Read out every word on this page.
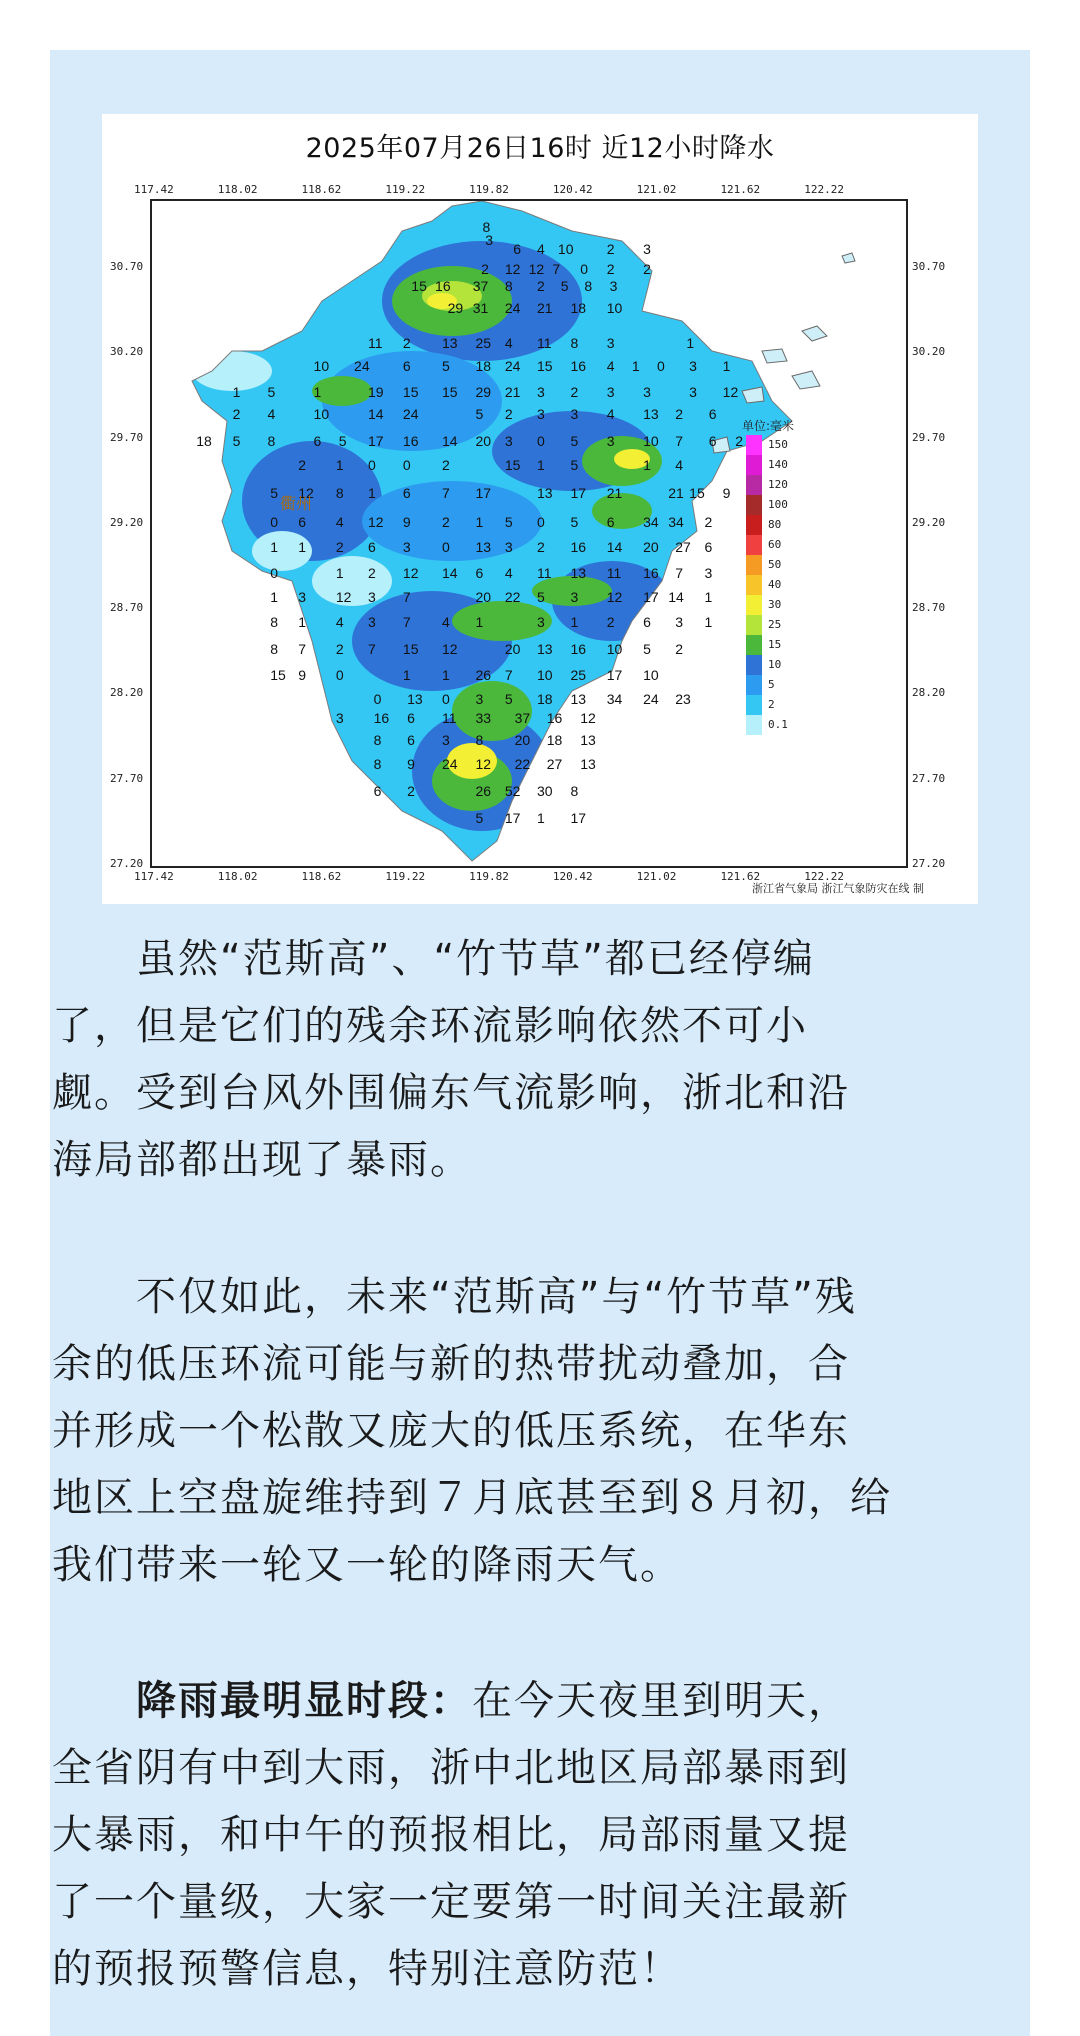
2025年07月26日16时 近12小时降水
117.42	118.02	118.62	119.22	119.82	120.42	121.02	121.62	122.22
117.42	118.02	118.62	119.22	119.82	120.42	121.02	121.62	122.22
30.70
30.20
29.70
29.20
28.70
28.20
27.70
27.20
30.70
30.20
29.70
29.20
28.70
28.20
27.70
27.20
8
3
6 4 10 2 3
2 12 12 7 0 2 2
15 16 37 8 2 5 8 3
29 31 24 21 18 10
11 2 13 25 4 11 8 3	1
10 24 6 5 18 24 15 16 4 1 0 3 1
1 5	1	19 15 15 29 21 3 2 3 3	3 12
2 4	10	14 24	5 2 3 3 4 13 2 6
18 5 8	6 5 17 16 14 20 3 0 5 3 10 7 6 2
2 1 0 0 2	15 1 5	1 4
5 12 8 1 6 7 17	13 17 21	21 15 9
0 6 4 12 9 2 1 5 0 5 6 34 34 2
1 1 2 6 3 0 13 3 2 16 14 20 27 6
0	1 2 12 14 6 4 11 13 11 16 7 3
1 3 12 3 7	20 22 5 3 12 17 14 1
8 1 4 3 7 4 1	3 1 2 6 3 1
8 7 2 7 15 12	20 13 16 10 5 2
15 9 0	1 1 26 7 10 25 17 10
0 13 0 3 5 18 13 34 24 23
3 16 6 11 33 37 16 12
8 6 3 8 20 18 13
8 9 24 12 22 27 13
6 2	26 52 30 8
5 17 1 17
衢州
单位:毫米
150
140
120
100
80
60
50
40
30
25
15
10
5
2
0.1
浙江省气象局 浙江气象防灾在线 制
　　虽然“范斯高”、“竹节草”都已经停编
了，但是它们的残余环流影响依然不可小
觑。受到台风外围偏东气流影响，浙北和沿
海局部都出现了暴雨。
　　不仅如此，未来“范斯高”与“竹节草”残
余的低压环流可能与新的热带扰动叠加，合
并形成一个松散又庞大的低压系统，在华东
地区上空盘旋维持到７月底甚至到８月初，给
我们带来一轮又一轮的降雨天气。
　　降雨最明显时段：在今天夜里到明天，
全省阴有中到大雨，浙中北地区局部暴雨到
大暴雨，和中午的预报相比，局部雨量又提
了一个量级，大家一定要第一时间关注最新
的预报预警信息，特别注意防范！
